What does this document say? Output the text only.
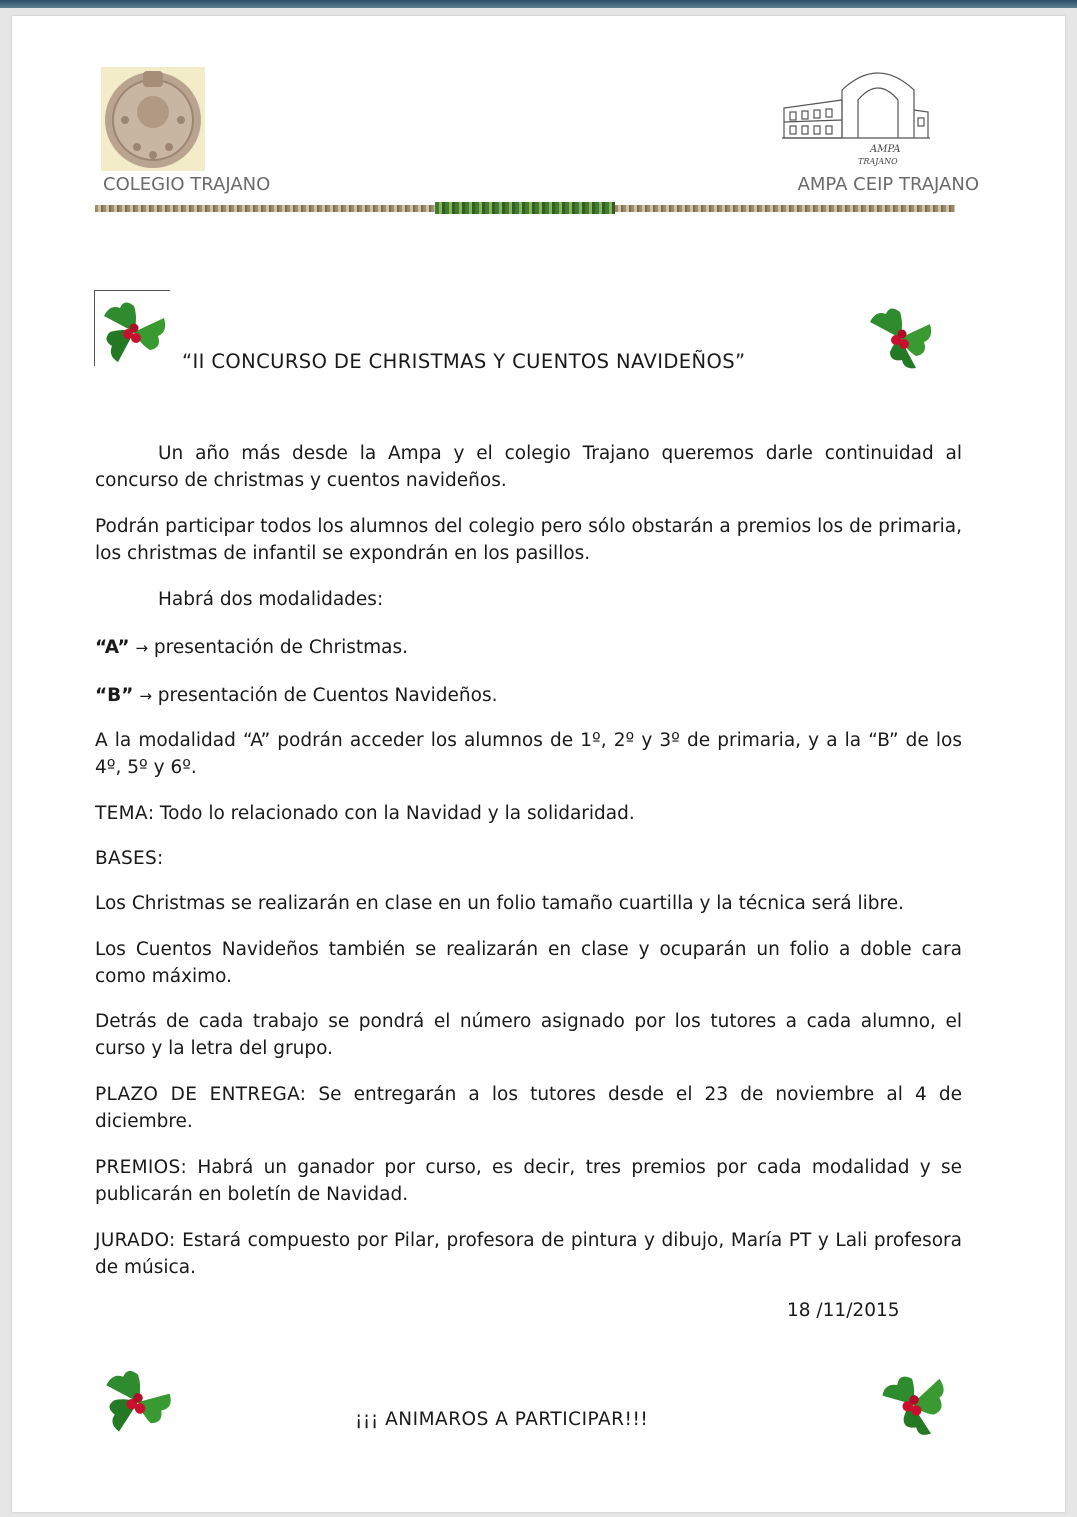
AMPA
TRAJANO
COLEGIO TRAJANO	AMPA CEIP TRAJANO
“II CONCURSO DE CHRISTMAS Y CUENTOS NAVIDEÑOS”
Un año más desde la Ampa y el colegio Trajano queremos darle continuidad al concurso de christmas y cuentos navideños.
Podrán participar todos los alumnos del colegio pero sólo obstarán a premios los de primaria, los christmas de infantil se expondrán en los pasillos.
Habrá dos modalidades:
“A” → presentación de Christmas.
“B” → presentación de Cuentos Navideños.
A la modalidad “A” podrán acceder los alumnos de 1º, 2º y 3º de primaria, y a la “B” de los 4º, 5º y 6º.
TEMA: Todo lo relacionado con la Navidad y la solidaridad.
BASES:
Los Christmas se realizarán en clase en un folio tamaño cuartilla y la técnica será libre.
Los Cuentos Navideños también se realizarán en clase y ocuparán un folio a doble cara como máximo.
Detrás de cada trabajo se pondrá el número asignado por los tutores a cada alumno, el curso y la letra del grupo.
PLAZO DE ENTREGA: Se entregarán a los tutores desde el 23 de noviembre al 4 de diciembre.
PREMIOS: Habrá un ganador por curso, es decir, tres premios por cada modalidad y se publicarán en boletín de Navidad.
JURADO: Estará compuesto por Pilar, profesora de pintura y dibujo, María PT y Lali profesora de música.
18 /11/2015
¡¡¡ ANIMAROS A PARTICIPAR!!!
